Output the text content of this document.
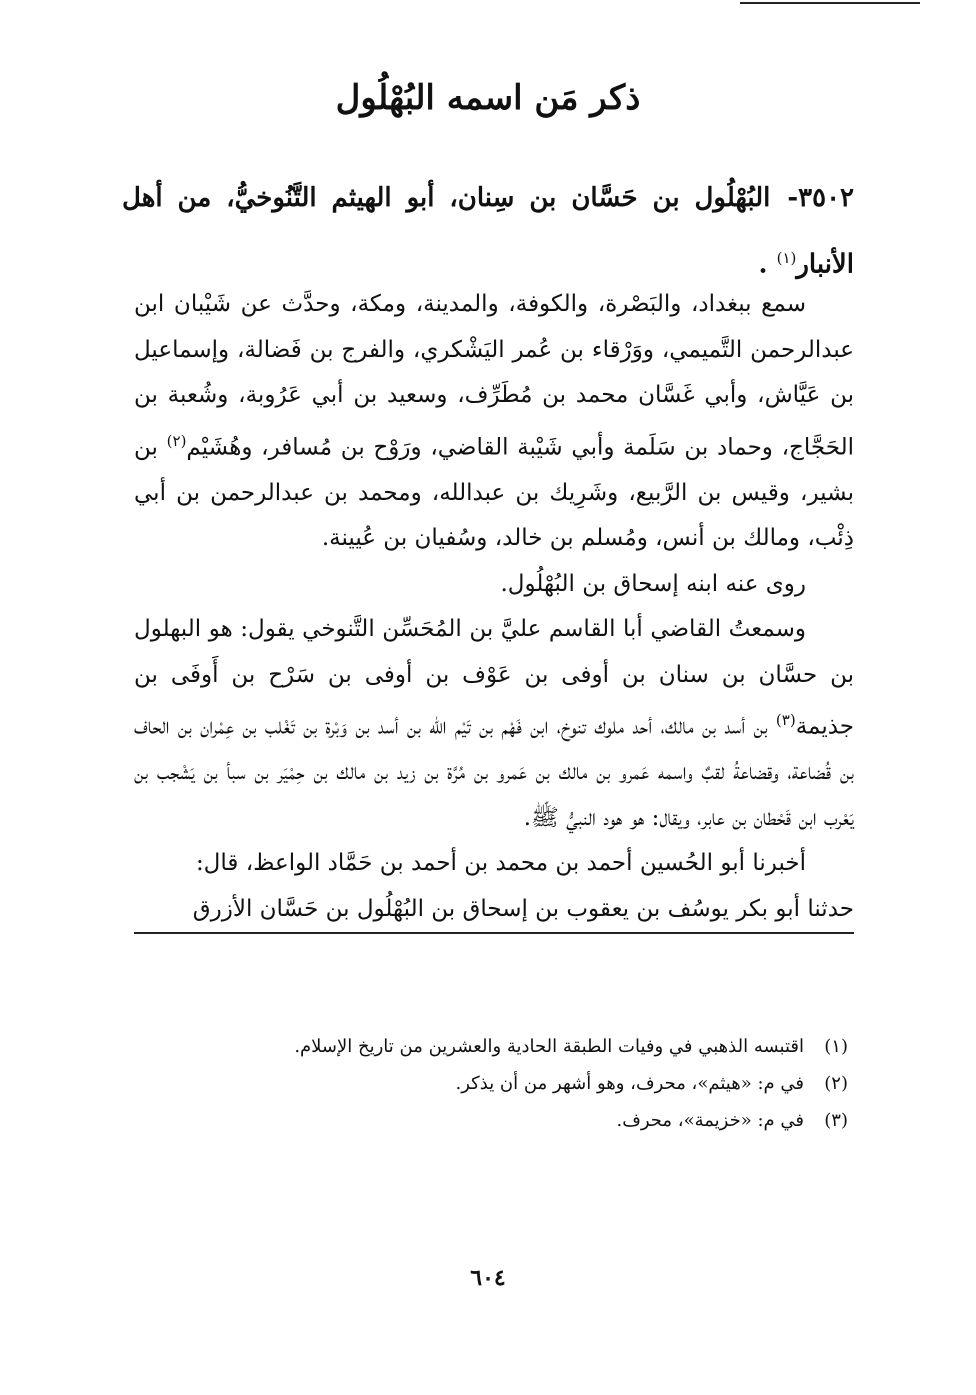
ذكر مَن اسمه البُهْلُول
٣٥٠٢- البُهْلُول بن حَسَّان بن سِنان، أبو الهيثم التَّنُوخيُّ، من أهل الأنبار$^{(١)}$ .

سمع ببغداد، والبَصْرة، والكوفة، والمدينة، ومكة، وحدَّث عن شَيْبان ابن عبدالرحمن التَّميمي، ووَرْقاء بن عُمر اليَشْكري، والفرج بن فَضالة، وإسماعيل بن عَيَّاش، وأبي غَسَّان محمد بن مُطَرِّف، وسعيد بن أبي عَرُوبة، وشُعبة بن الحَجَّاج، وحماد بن سَلَمة وأبي شَيْبة القاضي، ورَوْح بن مُسافر، وهُشَيْم$^{(٢)}$ بن بشير، وقيس بن الرَّبيع، وشَرِيك بن عبدالله، ومحمد بن عبدالرحمن بن أبي ذِئْب، ومالك بن أنس، ومُسلم بن خالد، وسُفيان بن عُيينة.

روى عنه ابنه إسحاق بن البُهْلُول.

وسمعتُ القاضي أبا القاسم عليَّ بن المُحَسِّن التَّنوخي يقول: هو البهلول بن حسَّان بن سنان بن أوفى بن عَوْف بن أوفى بن سَرْح بن أَوفَى بن جذيمة$^{(٣)}$ بن أسد بن مالك، أحد ملوك تنوخ، ابن فَهْم بن تَيْم الله بن أسد بن وَبْرة بن تَغْلب بن عِمْران بن الحاف بن قُضاعة، وقضاعةُ لقبٌ واسمه عَمرو بن مالك بن عَمرو بن مُرَّة بن زيد بن مالك بن حِمْيَر بن سبأ بن يَشْجب بن يَعْرب ابن قَحْطان بن عابر، ويقال: هو هود النبيُّ ﷺ.

أخبرنا أبو الحُسين أحمد بن محمد بن أحمد بن حَمَّاد الواعظ، قال:

حدثنا أبو بكر يوسُف بن يعقوب بن إسحاق بن البُهْلُول بن حَسَّان الأزرق

(١)
اقتبسه الذهبي في وفيات الطبقة الحادية والعشرين من تاريخ الإسلام.
(٢)
في م: «هيثم»، محرف، وهو أشهر من أن يذكر.
(٣)
في م: «خزيمة»، محرف.
٦٠٤
